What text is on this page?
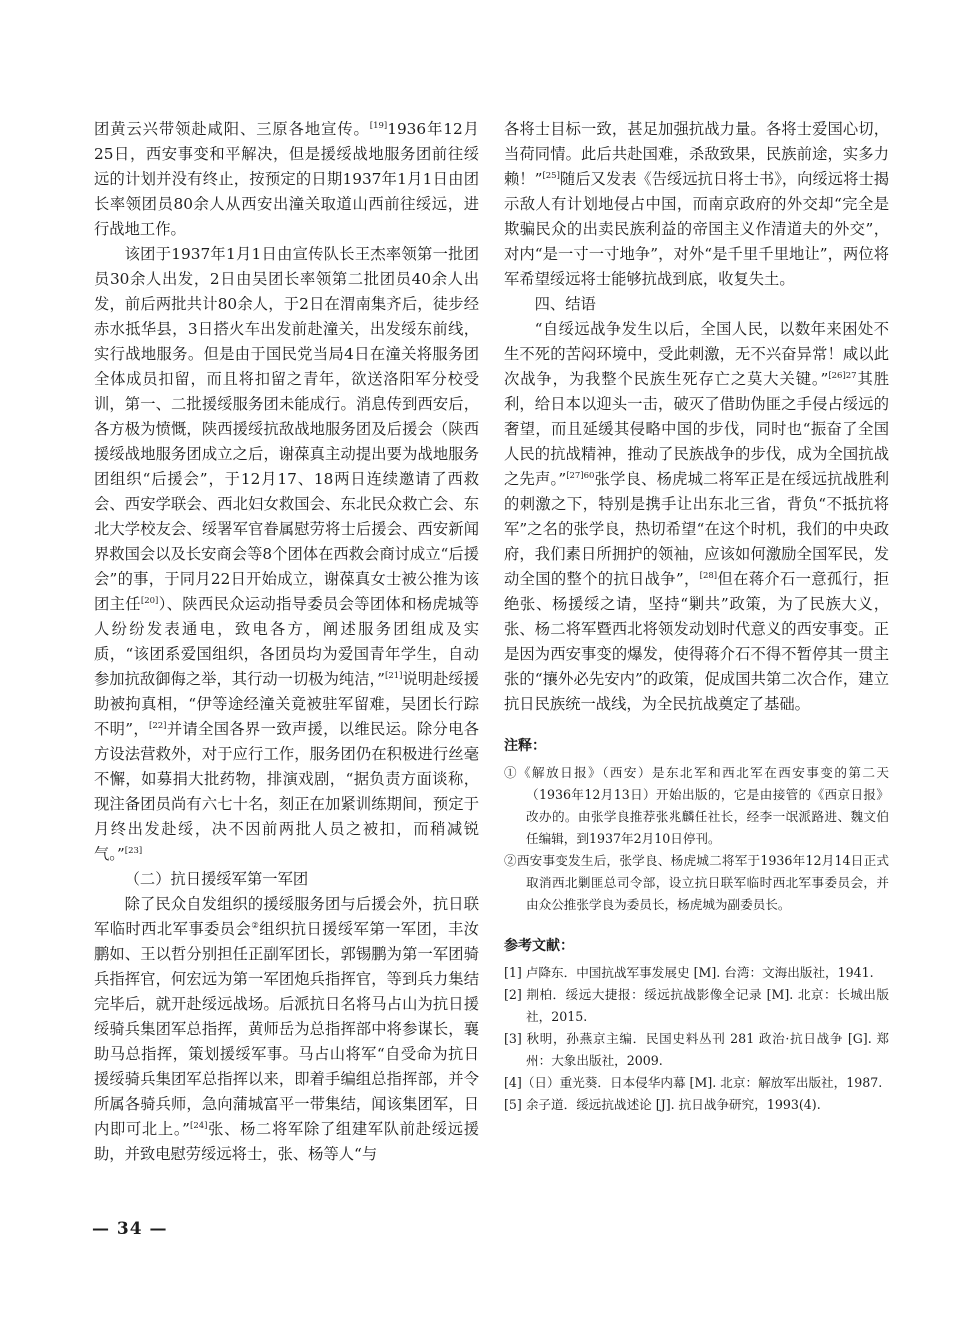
团黄云兴带领赴咸阳、三原各地宣传。[19]1936年12月25日，西安事变和平解决，但是援绥战地服务团前往绥远的计划并没有终止，按预定的日期1937年1月1日由团长率领团员80余人从西安出潼关取道山西前往绥远，进行战地工作。

该团于1937年1月1日由宣传队长王杰率领第一批团员30余人出发，2日由吴团长率领第二批团员40余人出发，前后两批共计80余人，于2日在渭南集齐后，徒步经赤水抵华县，3日搭火车出发前赴潼关，出发绥东前线，实行战地服务。但是由于国民党当局4日在潼关将服务团全体成员扣留，而且将扣留之青年，欲送洛阳军分校受训，第一、二批援绥服务团未能成行。消息传到西安后，各方极为愤慨，陕西援绥抗敌战地服务团及后援会（陕西援绥战地服务团成立之后，谢葆真主动提出要为战地服务团组织“后援会”，于12月17、18两日连续邀请了西救会、西安学联会、西北妇女救国会、东北民众救亡会、东北大学校友会、绥署军官眷属慰劳将士后援会、西安新闻界救国会以及长安商会等8个团体在西救会商讨成立“后援会”的事，于同月22日开始成立，谢葆真女士被公推为该团主任[20]）、陕西民众运动指导委员会等团体和杨虎城等人纷纷发表通电，致电各方，阐述服务团组成及实质，“该团系爱国组织，各团员均为爱国青年学生，自动参加抗敌御侮之举，其行动一切极为纯洁，”[21]说明赴绥援助被拘真相，“伊等途经潼关竟被驻军留难，吴团长行踪不明”，[22]并请全国各界一致声援，以维民运。除分电各方设法营救外，对于应行工作，服务团仍在积极进行丝毫不懈，如募捐大批药物，排演戏剧，“据负责方面谈称，现注备团员尚有六七十名，刻正在加紧训练期间，预定于月终出发赴绥，决不因前两批人员之被扣，而稍减锐气。”[23]

（二）抗日援绥军第一军团

除了民众自发组织的援绥服务团与后援会外，抗日联军临时西北军事委员会②组织抗日援绥军第一军团，丰汝鹏如、王以哲分别担任正副军团长，郭锡鹏为第一军团骑兵指挥官，何宏远为第一军团炮兵指挥官，等到兵力集结完毕后，就开赴绥远战场。后派抗日名将马占山为抗日援绥骑兵集团军总指挥，黄师岳为总指挥部中将参谋长，襄助马总指挥，策划援绥军事。马占山将军“自受命为抗日援绥骑兵集团军总指挥以来，即着手编组总指挥部，并令所属各骑兵师，急向蒲城富平一带集结，闻该集团军，日内即可北上。”[24]张、杨二将军除了组建军队前赴绥远援助，并致电慰劳绥远将士，张、杨等人“与

各将士目标一致，甚足加强抗战力量。各将士爱国心切，当荷同情。此后共赴国难，杀敌致果，民族前途，实多力赖！”[25]随后又发表《告绥远抗日将士书》，向绥远将士揭示敌人有计划地侵占中国，而南京政府的外交却“完全是欺骗民众的出卖民族利益的帝国主义作清道夫的外交”，对内“是一寸一寸地争”，对外“是千里千里地让”，两位将军希望绥远将士能够抗战到底，收复失土。

四、结语

“自绥远战争发生以后，全国人民，以数年来困处不生不死的苦闷环境中，受此刺激，无不兴奋异常！咸以此次战争，为我整个民族生死存亡之莫大关键。”$^{[26]27}$其胜利，给日本以迎头一击，破灭了借助伪匪之手侵占绥远的奢望，而且延缓其侵略中国的步伐，同时也“振奋了全国人民的抗战精神，推动了民族战争的步伐，成为全国抗战之先声。”$^{[27]60}$张学良、杨虎城二将军正是在绥远抗战胜利的刺激之下，特别是携手让出东北三省，背负“不抵抗将军”之名的张学良，热切希望“在这个时机，我们的中央政府，我们素日所拥护的领袖，应该如何激励全国军民，发动全国的整个的抗日战争”，[28]但在蒋介石一意孤行，拒绝张、杨援绥之请，坚持“剿共”政策，为了民族大义，张、杨二将军暨西北将领发动划时代意义的西安事变。正是因为西安事变的爆发，使得蒋介石不得不暂停其一贯主张的“攘外必先安内”的政策，促成国共第二次合作，建立抗日民族统一战线，为全民抗战奠定了基础。

注释：
①《解放日报》（西安）是东北军和西北军在西安事变的第二天（1936年12月13日）开始出版的，它是由接管的《西京日报》改办的。由张学良推荐张兆麟任社长，经李一氓派路进、魏文伯任编辑，到1937年2月10日停刊。
②西安事变发生后，张学良、杨虎城二将军于1936年12月14日正式取消西北剿匪总司令部，设立抗日联军临时西北军事委员会，并由众公推张学良为委员长，杨虎城为副委员长。
参考文献：
[1] 卢降东．中国抗战军事发展史 [M]. 台湾：文海出版社，1941.
[2] 荆柏．绥远大捷报：绥远抗战影像全记录 [M]. 北京：长城出版社，2015.
[3] 秋明，孙燕京主编．民国史料丛刊 281 政治·抗日战争 [G]. 郑州：大象出版社，2009.
[4]（日）重光葵．日本侵华内幕 [M]. 北京：解放军出版社，1987.
[5] 余子道．绥远抗战述论 [J]. 抗日战争研究，1993(4).
— 34 —
